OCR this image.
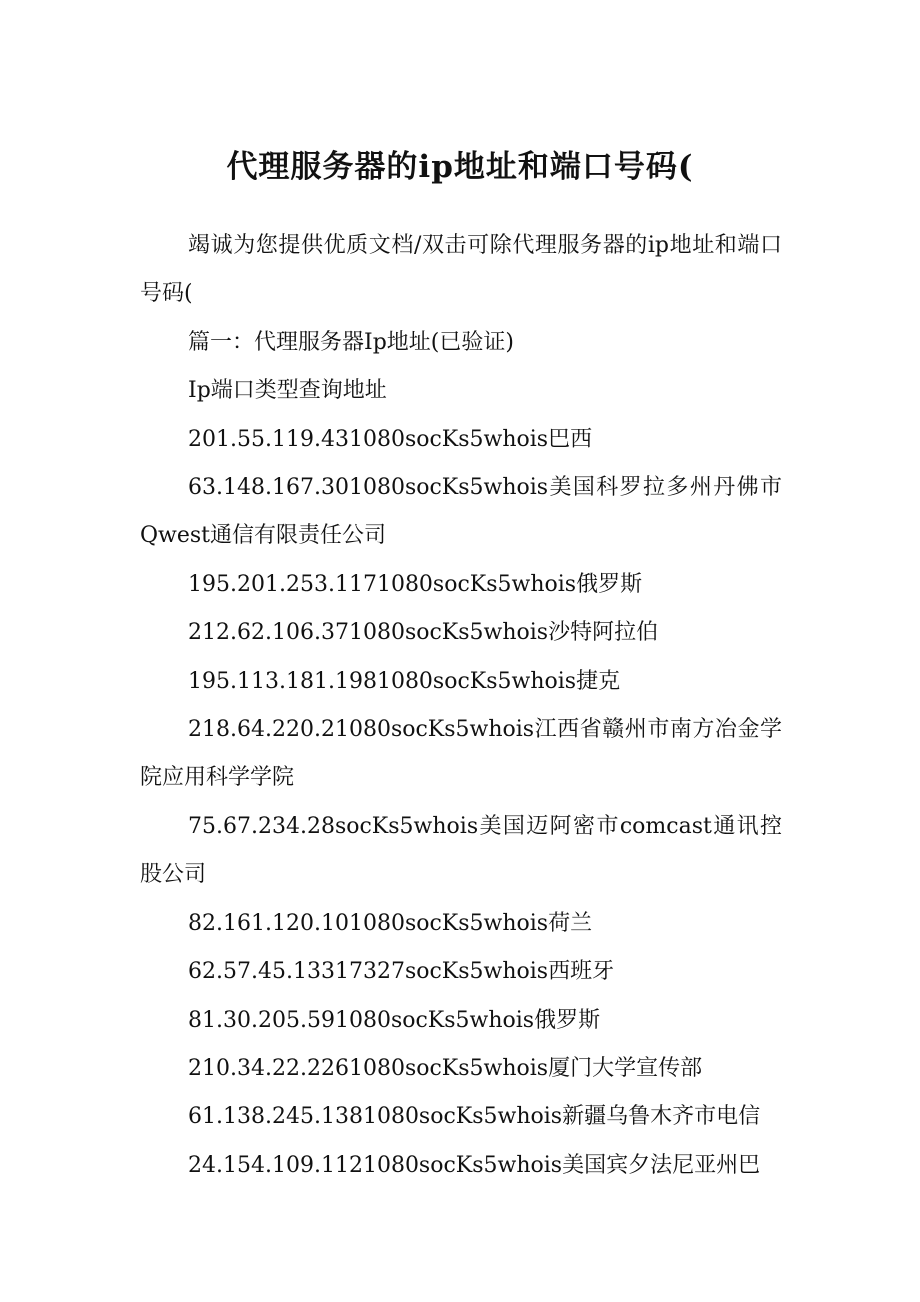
代理服务器的ip地址和端口号码(

竭诚为您提供优质文档/双击可除代理服务器的ip地址和端口号码(

篇一：代理服务器Ip地址(已验证)

Ip端口类型查询地址

201.55.119.431080socKs5whois巴西

63.148.167.301080socKs5whois美国科罗拉多州丹佛市Qwest通信有限责任公司

195.201.253.1171080socKs5whois俄罗斯

212.62.106.371080socKs5whois沙特阿拉伯

195.113.181.1981080socKs5whois捷克

218.64.220.21080socKs5whois江西省赣州市南方冶金学院应用科学学院

75.67.234.28socKs5whois美国迈阿密市comcast通讯控股公司

82.161.120.101080socKs5whois荷兰

62.57.45.13317327socKs5whois西班牙

81.30.205.591080socKs5whois俄罗斯

210.34.22.2261080socKs5whois厦门大学宣传部

61.138.245.1381080socKs5whois新疆乌鲁木齐市电信

24.154.109.1121080socKs5whois美国宾夕法尼亚州巴
